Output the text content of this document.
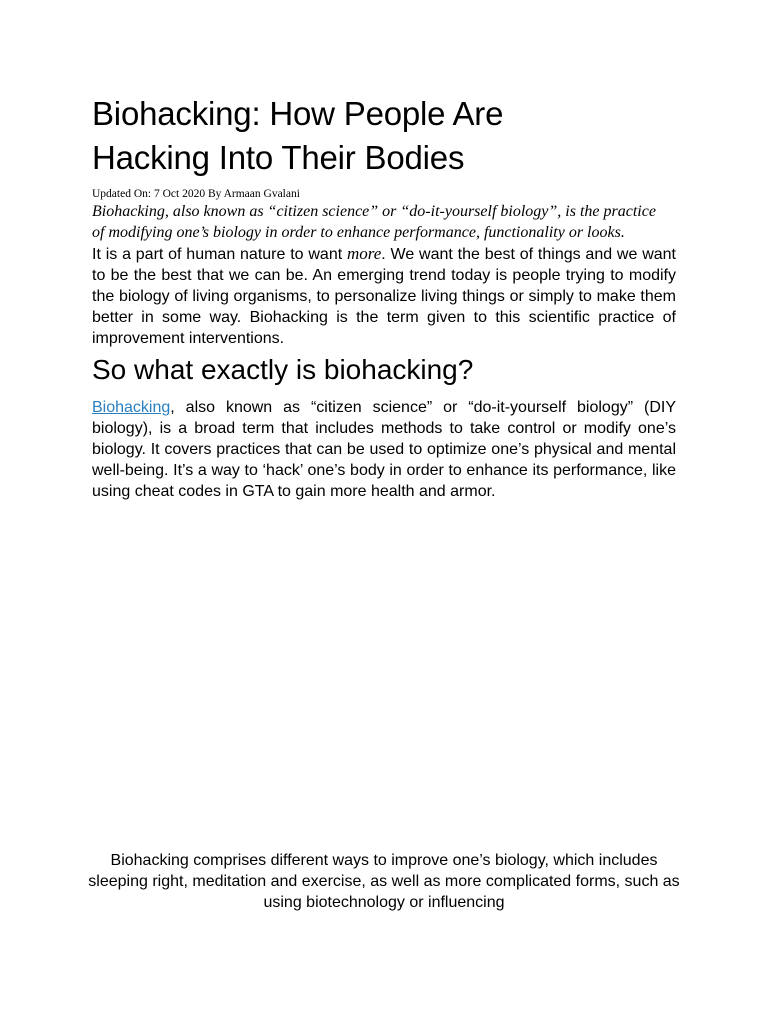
Biohacking: How People Are
Hacking Into Their Bodies

Updated On: 7 Oct 2020 By Armaan Gvalani

Biohacking, also known as “citizen science” or “do-it-yourself biology”, is the practice of modifying one’s biology in order to enhance performance, functionality or looks.

It is a part of human nature to want more. We want the best of things and we want to be the best that we can be. An emerging trend today is people trying to modify the biology of living organisms, to personalize living things or simply to make them better in some way. Biohacking is the term given to this scientific practice of improvement interventions.

So what exactly is biohacking?

Biohacking, also known as “citizen science” or “do-it-yourself biology” (DIY biology), is a broad term that includes methods to take control or modify one’s biology. It covers practices that can be used to optimize one’s physical and mental well-being. It’s a way to ‘hack’ one’s body in order to enhance its performance, like using cheat codes in GTA to gain more health and armor.

Biohacking comprises different ways to improve one’s biology, which includes sleeping right, meditation and exercise, as well as more complicated forms, such as using biotechnology or influencing
